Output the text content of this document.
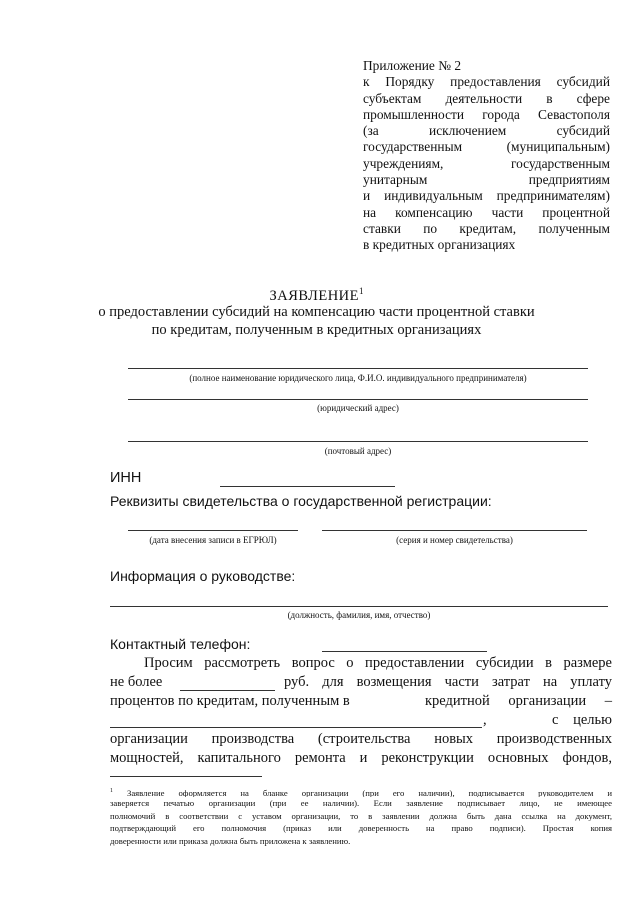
Приложение № 2
к Порядку предоставления субсидий
субъектам деятельности в сфере
промышленности города Севастополя
(за исключением субсидий
государственным (муниципальным)
учреждениям, государственным
унитарным предприятиям
и индивидуальным предпринимателям)
на компенсацию части процентной
ставки по кредитам, полученным
в кредитных организациях
ЗАЯВЛЕНИЕ$^1$
о предоставлении субсидий на компенсацию части процентной ставки
по кредитам, полученным в кредитных организациях
(полное наименование юридического лица, Ф.И.О. индивидуального предпринимателя)
(юридический адрес)
(почтовый адрес)
ИНН
Реквизиты свидетельства о государственной регистрации:
(дата внесения записи в ЕГРЮЛ)	(серия и номер свидетельства)
Информация о руководстве:
(должность, фамилия, имя, отчество)
Контактный телефон:
Просим рассмотреть вопрос о предоставлении субсидии в размере
не более	руб. для возмещения части затрат на уплату
процентов по кредитам, полученным в	кредитной организации –
,	с целью
организации производства (строительства новых производственных
мощностей, капитального ремонта и реконструкции основных фондов,
$^1$ Заявление оформляется на бланке организации (при его наличии), подписывается руководителем и
заверяется печатью организации (при ее наличии). Если заявление подписывает лицо, не имеющее
полномочий в соответствии с уставом организации, то в заявлении должна быть дана ссылка на документ,
подтверждающий его полномочия (приказ или доверенность на право подписи). Простая копия
доверенности или приказа должна быть приложена к заявлению.
